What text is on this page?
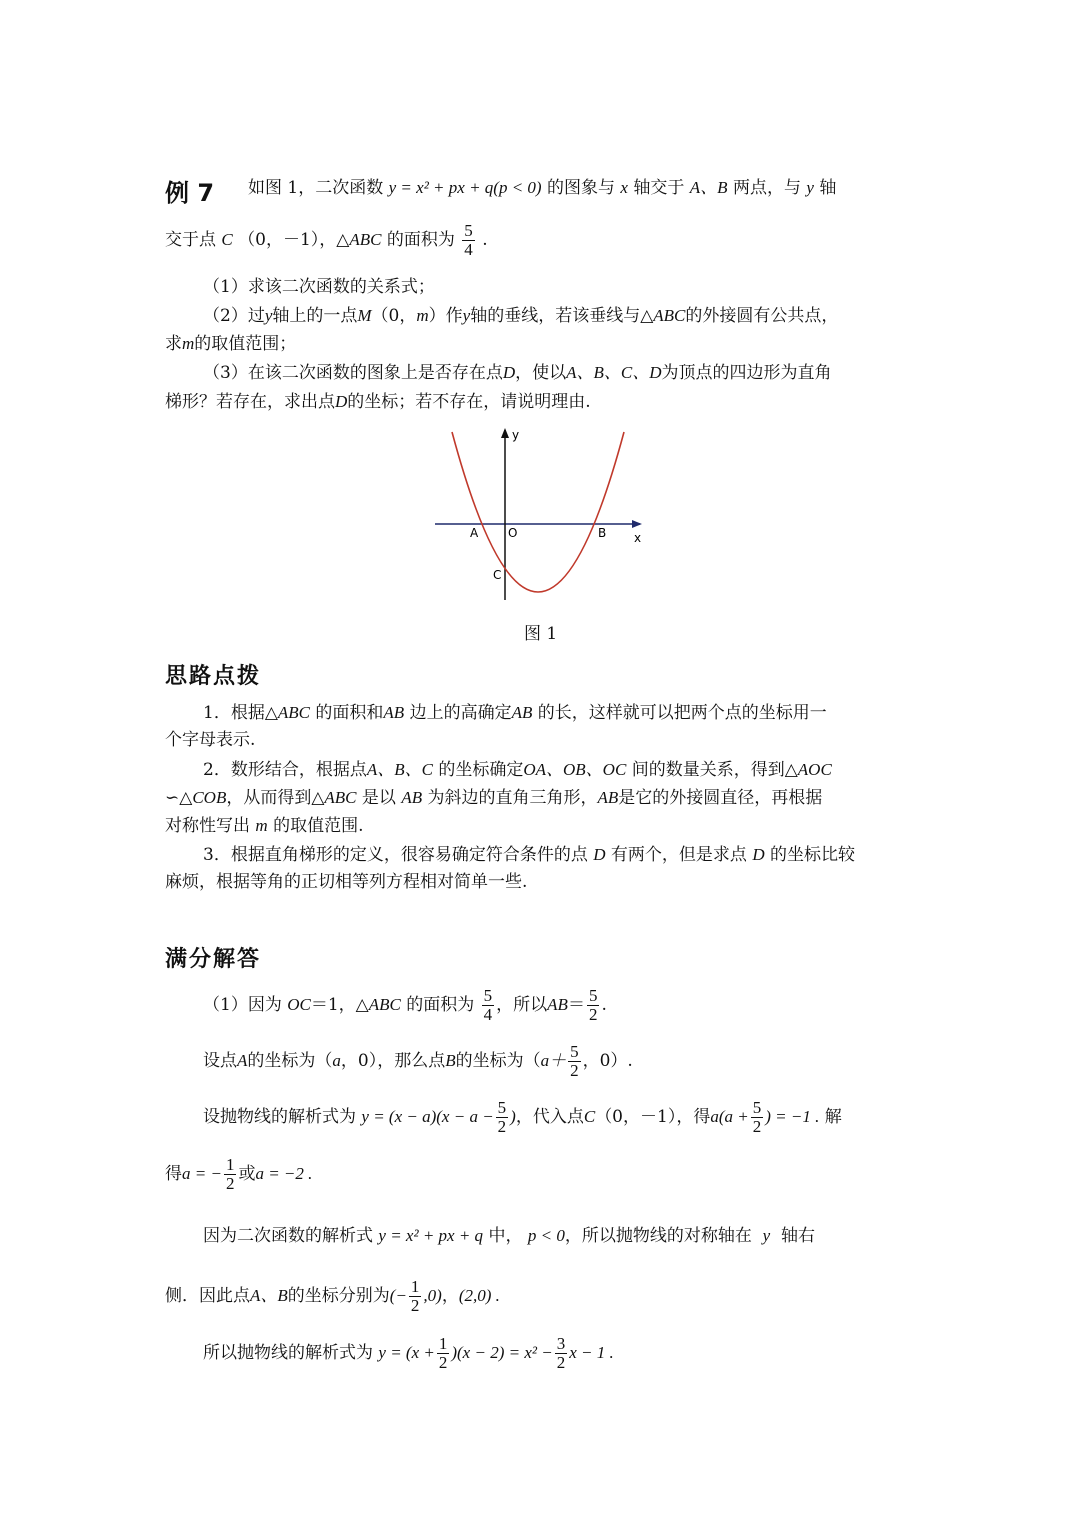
例 7 如图 1，二次函数 y = x² + px + q(p < 0) 的图象与 x 轴交于 A、B 两点，与 y 轴
交于点 C （0，－1），△ABC 的面积为 $\frac{5}{4}$ .
（1）求该二次函数的关系式；
（2）过y轴上的一点M（0，m）作y轴的垂线，若该垂线与△ABC的外接圆有公共点，
求m的取值范围；
（3）在该二次函数的图象上是否存在点D，使以A、B、C、D为顶点的四边形为直角
梯形？若存在，求出点D的坐标；若不存在，请说明理由.
y
x
A O	B
C
图 1
思路点拨
1．根据△ABC 的面积和AB 边上的高确定AB 的长，这样就可以把两个点的坐标用一
个字母表示.
2．数形结合，根据点A、B、C 的坐标确定OA、OB、OC 间的数量关系，得到△AOC
∽△COB，从而得到△ABC 是以 AB 为斜边的直角三角形，AB是它的外接圆直径，再根据
对称性写出 m 的取值范围.
3．根据直角梯形的定义，很容易确定符合条件的点 D 有两个，但是求点 D 的坐标比较
麻烦，根据等角的正切相等列方程相对简单一些.
满分解答
（1）因为 OC＝1，△ABC 的面积为 $\frac{5}{4}$ ，所以$AB= \frac{5}{2}$ .
设点A的坐标为（a，0），那么点B的坐标为（$a+ \frac{5}{2}$ ，0）.
设抛物线的解析式为 $y = (x - a)(x - a - \frac{5}{2}$ )，代入点C（0，－1），得$a(a + \frac{5}{2}$ ) = −1 . 解
得a = − $\frac{1}{2}$ 或a = −2 .
因为二次函数的解析式 y = x² + px + q 中， p < 0，所以抛物线的对称轴在 y 轴右
侧．因此点A、B的坐标分别为(− $\frac{1}{2} ,0$)，(2,0) .
所以抛物线的解析式为 $y = (x + \frac{1}{2} )(x - 2) = x^2 - \frac{3}{2}$ x − 1 .
